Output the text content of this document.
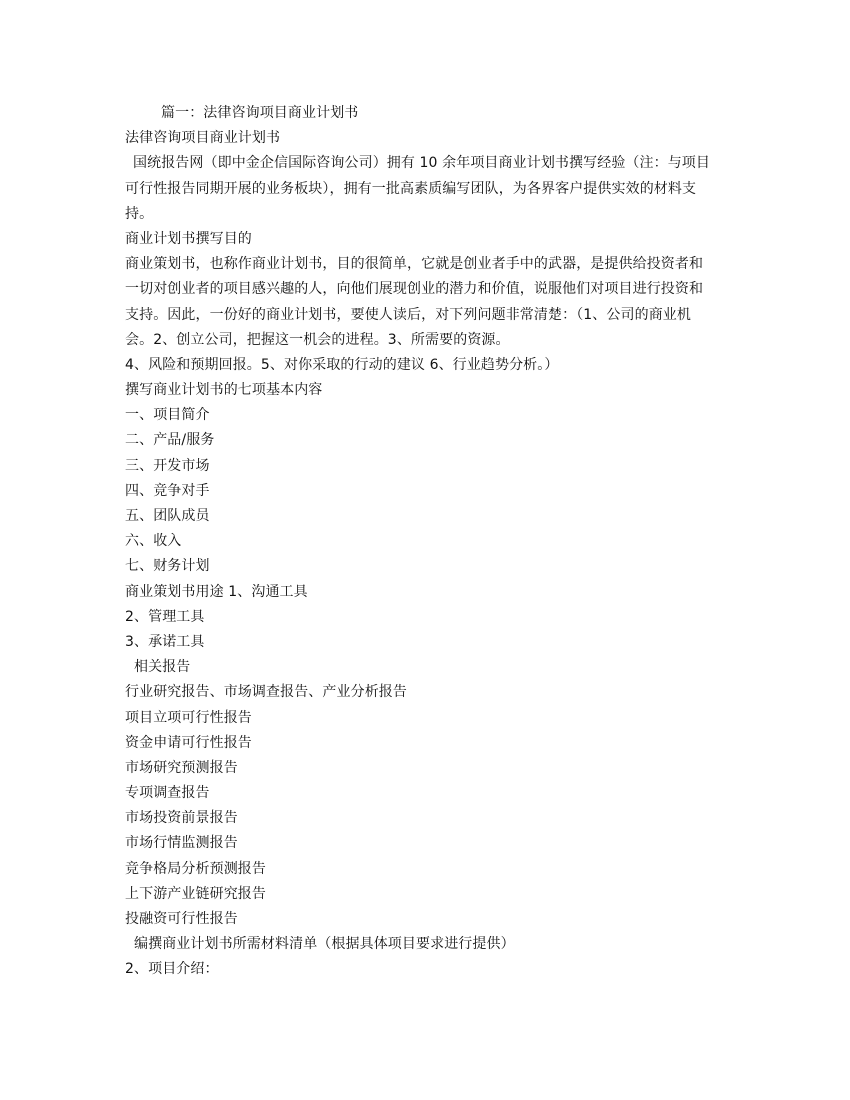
篇一：法律咨询项目商业计划书
法律咨询项目商业计划书
国统报告网（即中金企信国际咨询公司）拥有 10 余年项目商业计划书撰写经验（注：与项目
可行性报告同期开展的业务板块），拥有一批高素质编写团队，为各界客户提供实效的材料支
持。
商业计划书撰写目的
商业策划书，也称作商业计划书，目的很简单，它就是创业者手中的武器，是提供给投资者和
一切对创业者的项目感兴趣的人，向他们展现创业的潜力和价值，说服他们对项目进行投资和
支持。因此，一份好的商业计划书，要使人读后，对下列问题非常清楚：（1、公司的商业机
会。2、创立公司，把握这一机会的进程。3、所需要的资源。
4、风险和预期回报。5、对你采取的行动的建议 6、行业趋势分析。）
撰写商业计划书的七项基本内容
一、项目简介
二、产品/服务
三、开发市场
四、竞争对手
五、团队成员
六、收入
七、财务计划
商业策划书用途 1、沟通工具
2、管理工具
3、承诺工具
相关报告
行业研究报告、市场调查报告、产业分析报告
项目立项可行性报告
资金申请可行性报告
市场研究预测报告
专项调查报告
市场投资前景报告
市场行情监测报告
竞争格局分析预测报告
上下游产业链研究报告
投融资可行性报告
编撰商业计划书所需材料清单（根据具体项目要求进行提供）
2、项目介绍：
